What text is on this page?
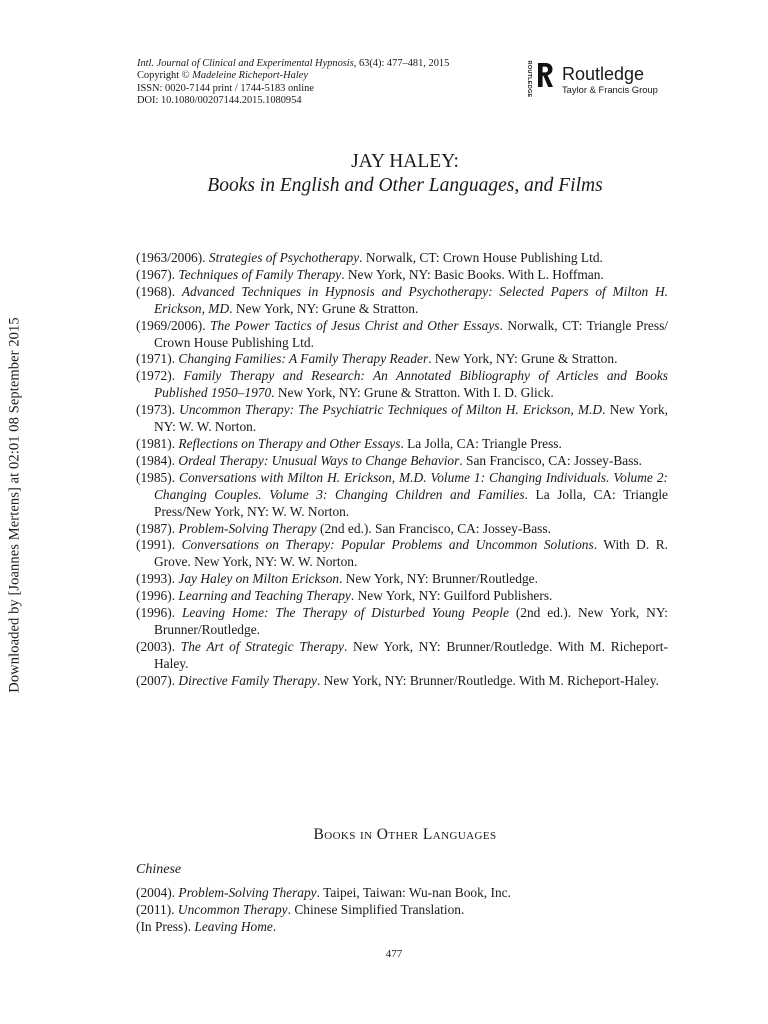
Downloaded by [Joannes Mertens] at 02:01 08 September 2015
Intl. Journal of Clinical and Experimental Hypnosis, 63(4): 477–481, 2015
Copyright © Madeleine Richeport-Haley
ISSN: 0020-7144 print / 1744-5183 online
DOI: 10.1080/00207144.2015.1080954
ROUTLEDGE Routledge
Taylor & Francis Group
JAY HALEY:
Books in English and Other Languages, and Films
(1963/2006). Strategies of Psychotherapy. Norwalk, CT: Crown House Publishing Ltd.
(1967). Techniques of Family Therapy. New York, NY: Basic Books. With L. Hoffman.
(1968). Advanced Techniques in Hypnosis and Psychotherapy: Selected Papers of Milton H. Erickson, MD. New York, NY: Grune & Stratton.
(1969/2006). The Power Tactics of Jesus Christ and Other Essays. Norwalk, CT: Triangle Press/ Crown House Publishing Ltd.
(1971). Changing Families: A Family Therapy Reader. New York, NY: Grune & Stratton.
(1972). Family Therapy and Research: An Annotated Bibliography of Articles and Books Published 1950–1970. New York, NY: Grune & Stratton. With I. D. Glick.
(1973). Uncommon Therapy: The Psychiatric Techniques of Milton H. Erickson, M.D. New York, NY: W. W. Norton.
(1981). Reflections on Therapy and Other Essays. La Jolla, CA: Triangle Press.
(1984). Ordeal Therapy: Unusual Ways to Change Behavior. San Francisco, CA: Jossey-Bass.
(1985). Conversations with Milton H. Erickson, M.D. Volume 1: Changing Individuals. Volume 2: Changing Couples. Volume 3: Changing Children and Families. La Jolla, CA: Triangle Press/New York, NY: W. W. Norton.
(1987). Problem-Solving Therapy (2nd ed.). San Francisco, CA: Jossey-Bass.
(1991). Conversations on Therapy: Popular Problems and Uncommon Solutions. With D. R. Grove. New York, NY: W. W. Norton.
(1993). Jay Haley on Milton Erickson. New York, NY: Brunner/Routledge.
(1996). Learning and Teaching Therapy. New York, NY: Guilford Publishers.
(1996). Leaving Home: The Therapy of Disturbed Young People (2nd ed.). New York, NY: Brunner/Routledge.
(2003). The Art of Strategic Therapy. New York, NY: Brunner/Routledge. With M. Richeport-Haley.
(2007). Directive Family Therapy. New York, NY: Brunner/Routledge. With M. Richeport-Haley.
Books in Other Languages
Chinese
(2004). Problem-Solving Therapy. Taipei, Taiwan: Wu-nan Book, Inc.
(2011). Uncommon Therapy. Chinese Simplified Translation.
(In Press). Leaving Home.
477
